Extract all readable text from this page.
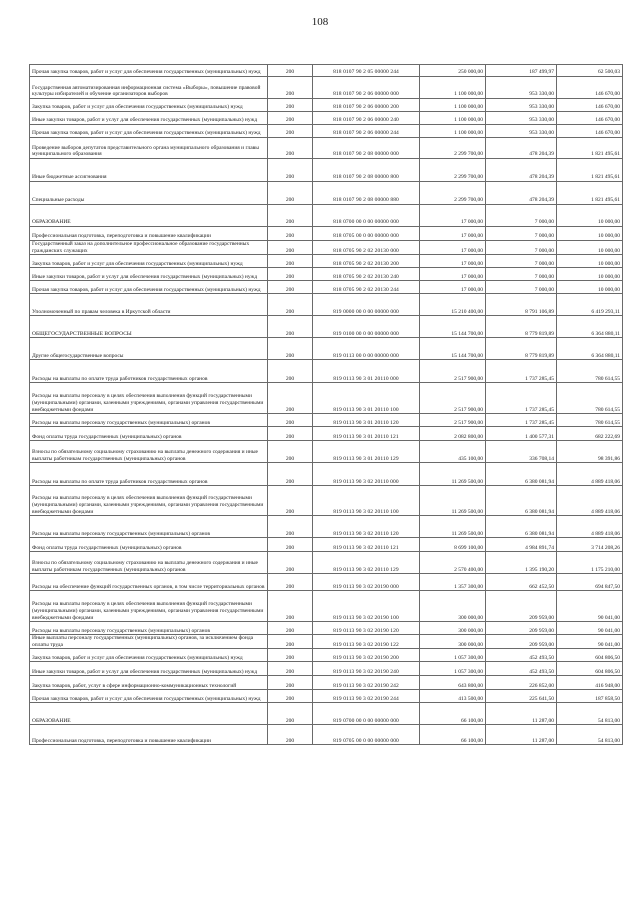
108
Прочая закупка товаров, работ и услуг для обеспечения государственных (муниципальных) нужд	200	818 0107 90 2 05 00000 244	250 000,00	187 499,97	62 500,03
Государственная автоматизированная информационная система «Выборы», повышение правовой культуры избирателей и обучение организаторов выборов	200	818 0107 90 2 06 00000 000	1 100 000,00	953 330,00	146 670,00
Закупка товаров, работ и услуг для обеспечения государственных (муниципальных) нужд	200	818 0107 90 2 06 00000 200	1 100 000,00	953 330,00	146 670,00
Иные закупки товаров, работ и услуг для обеспечения государственных (муниципальных) нужд	200	818 0107 90 2 06 00000 240	1 100 000,00	953 330,00	146 670,00
Прочая закупка товаров, работ и услуг для обеспечения государственных (муниципальных) нужд	200	818 0107 90 2 06 00000 244	1 100 000,00	953 330,00	146 670,00
Проведение выборов депутатов представительного органа муниципального образования и главы муниципального образования	200	818 0107 90 2 08 00000 000	2 299 700,00	478 204,39	1 821 495,61
Иные бюджетные ассигнования	200	818 0107 90 2 08 00000 800	2 299 700,00	478 204,39	1 821 495,61
Специальные расходы	200	818 0107 90 2 08 00000 880	2 299 700,00	478 204,39	1 821 495,61
ОБРАЗОВАНИЕ	200	818 0700 00 0 00 00000 000	17 000,00	7 000,00	10 000,00
Профессиональная подготовка, переподготовка и повышение квалификации	200	818 0705 00 0 00 00000 000	17 000,00	7 000,00	10 000,00
Государственный заказ на дополнительное профессиональное образование государственных гражданских служащих	200	818 0705 90 2 02 20130 000	17 000,00	7 000,00	10 000,00
Закупка товаров, работ и услуг для обеспечения государственных (муниципальных) нужд	200	818 0705 90 2 02 20130 200	17 000,00	7 000,00	10 000,00
Иные закупки товаров, работ и услуг для обеспечения государственных (муниципальных) нужд	200	818 0705 90 2 02 20130 240	17 000,00	7 000,00	10 000,00
Прочая закупка товаров, работ и услуг для обеспечения государственных (муниципальных) нужд	200	818 0705 90 2 02 20130 244	17 000,00	7 000,00	10 000,00
Уполномоченный по правам человека в Иркутской области	200	819 0000 00 0 00 00000 000	15 210 400,00	8 791 106,89	6 419 293,11
ОБЩЕГОСУДАРСТВЕННЫЕ ВОПРОСЫ	200	819 0100 00 0 00 00000 000	15 144 700,00	8 779 819,89	6 364 880,11
Другие общегосударственные вопросы	200	819 0113 00 0 00 00000 000	15 144 700,00	8 779 819,89	6 364 880,11
Расходы на выплаты по оплате труда работников государственных органов	200	819 0113 90 3 01 20110 000	2 517 900,00	1 737 285,45	780 614,55
Расходы на выплаты персоналу в целях обеспечения выполнения функций государственными (муниципальными) органами, казенными учреждениями, органами управления государственными внебюджетными фондами	200	819 0113 90 3 01 20110 100	2 517 900,00	1 737 285,45	780 614,55
Расходы на выплаты персоналу государственных (муниципальных) органов	200	819 0113 90 3 01 20110 120	2 517 900,00	1 737 285,45	780 614,55
Фонд оплаты труда государственных (муниципальных) органов	200	819 0113 90 3 01 20110 121	2 082 800,00	1 400 577,31	682 222,69
Взносы по обязательному социальному страхованию на выплаты денежного содержания и иные выплаты работникам государственных (муниципальных) органов	200	819 0113 90 3 01 20110 129	435 100,00	336 708,14	98 391,86
Расходы на выплаты по оплате труда работников государственных органов	200	819 0113 90 3 02 20110 000	11 269 500,00	6 380 081,94	4 889 418,06
Расходы на выплаты персоналу в целях обеспечения выполнения функций государственными (муниципальными) органами, казенными учреждениями, органами управления государственными внебюджетными фондами	200	819 0113 90 3 02 20110 100	11 269 500,00	6 380 081,94	4 889 418,06
Расходы на выплаты персоналу государственных (муниципальных) органов	200	819 0113 90 3 02 20110 120	11 269 500,00	6 380 081,94	4 889 418,06
Фонд оплаты труда государственных (муниципальных) органов	200	819 0113 90 3 02 20110 121	8 699 100,00	4 984 891,74	3 714 208,26
Взносы по обязательному социальному страхованию на выплаты денежного содержания и иные выплаты работникам государственных (муниципальных) органов	200	819 0113 90 3 02 20110 129	2 570 400,00	1 395 190,20	1 175 210,00
Расходы на обеспечение функций государственных органов, в том числе территориальных органов	200	819 0113 90 3 02 20190 000	1 357 300,00	662 452,50	694 847,50
Расходы на выплаты персоналу в целях обеспечения выполнения функций государственными (муниципальными) органами, казенными учреждениями, органами управления государственными внебюджетными фондами	200	819 0113 90 3 02 20190 100	300 000,00	209 959,00	90 041,00
Расходы на выплаты персоналу государственных (муниципальных) органов	200	819 0113 90 3 02 20190 120	300 000,00	209 959,00	90 041,00
Иные выплаты персоналу государственных (муниципальных) органов, за исключением фонда оплаты труда	200	819 0113 90 3 02 20190 122	300 000,00	209 959,00	90 041,00
Закупка товаров, работ и услуг для обеспечения государственных (муниципальных) нужд	200	819 0113 90 3 02 20190 200	1 057 300,00	452 493,50	604 806,50
Иные закупки товаров, работ и услуг для обеспечения государственных (муниципальных) нужд	200	819 0113 90 3 02 20190 240	1 057 300,00	452 493,50	604 806,50
Закупка товаров, работ, услуг в сфере информационно-коммуникационных технологий	200	819 0113 90 3 02 20190 242	643 800,00	226 852,00	416 948,00
Прочая закупка товаров, работ и услуг для обеспечения государственных (муниципальных) нужд	200	819 0113 90 3 02 20190 244	413 500,00	225 641,50	187 858,50
ОБРАЗОВАНИЕ	200	819 0700 00 0 00 00000 000	66 100,00	11 287,00	54 813,00
Профессиональная подготовка, переподготовка и повышение квалификации	200	819 0705 00 0 00 00000 000	66 100,00	11 287,00	54 813,00
